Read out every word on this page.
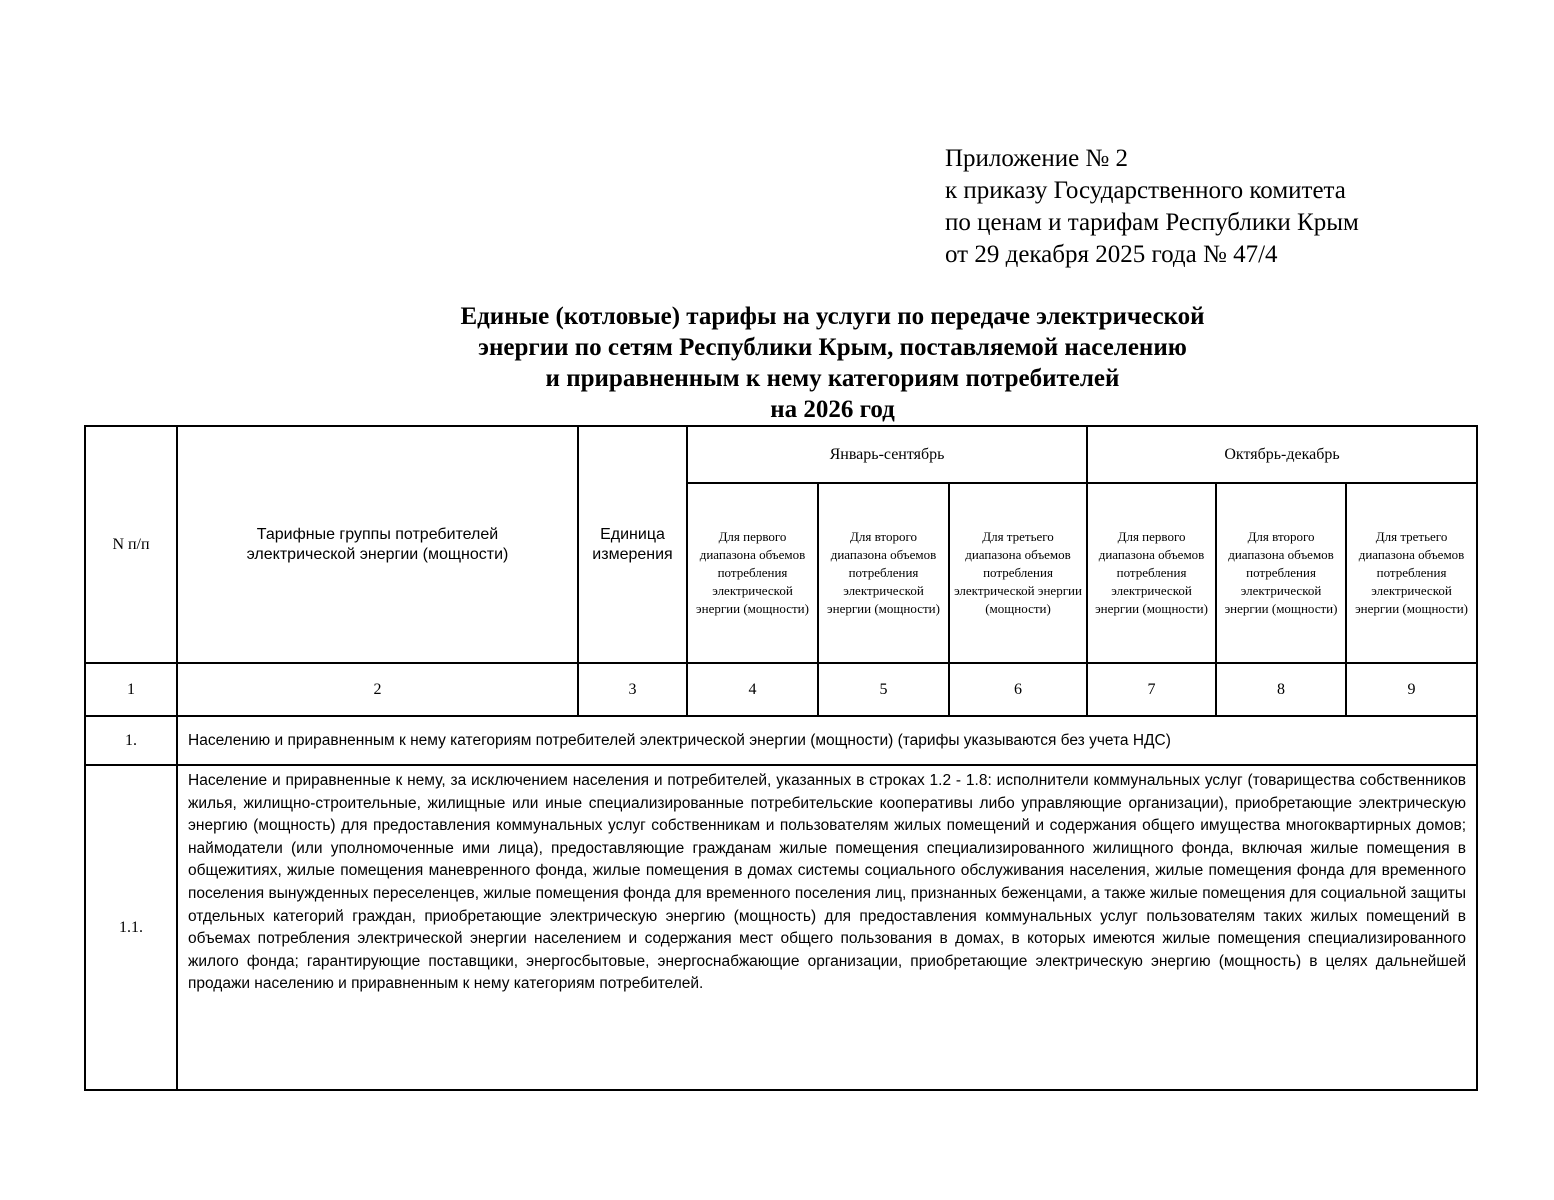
Приложение № 2
к приказу Государственного комитета
по ценам и тарифам Республики Крым
от 29 декабря 2025 года № 47/4
Единые (котловые) тарифы на услуги по передаче электрической
энергии по сетям Республики Крым, поставляемой населению
и приравненным к нему категориям потребителей
на 2026 год
N п/п	Тарифные группы потребителей электрической энергии (мощности)	Единица измерения	Январь-сентябрь			Октябрь-декабрь		
			Для первого диапазона объемов потребления электрической энергии (мощности)	Для второго диапазона объемов потребления электрической энергии (мощности)	Для третьего диапазона объемов потребления электрической энергии (мощности)	Для первого диапазона объемов потребления электрической энергии (мощности)	Для второго диапазона объемов потребления электрической энергии (мощности)	Для третьего диапазона объемов потребления электрической энергии (мощности)
1	2	3	4	5	6	7	8	9
1.	Населению и приравненным к нему категориям потребителей электрической энергии (мощности) (тарифы указываются без учета НДС)							
1.1.	Население и приравненные к нему, за исключением населения и потребителей, указанных в строках 1.2 - 1.8: исполнители коммунальных услуг (товарищества собственников жилья, жилищно-строительные, жилищные или иные специализированные потребительские кооперативы либо управляющие организации), приобретающие электрическую энергию (мощность) для предоставления коммунальных услуг собственникам и пользователям жилых помещений и содержания общего имущества многоквартирных домов; наймодатели (или уполномоченные ими лица), предоставляющие гражданам жилые помещения специализированного жилищного фонда, включая жилые помещения в общежитиях, жилые помещения маневренного фонда, жилые помещения в домах системы социального обслуживания населения, жилые помещения фонда для временного поселения вынужденных переселенцев, жилые помещения фонда для временного поселения лиц, признанных беженцами, а также жилые помещения для социальной защиты отдельных категорий граждан, приобретающие электрическую энергию (мощность) для предоставления коммунальных услуг пользователям таких жилых помещений в объемах потребления электрической энергии населением и содержания мест общего пользования в домах, в которых имеются жилые помещения специализированного жилого фонда; гарантирующие поставщики, энергосбытовые, энергоснабжающие организации, приобретающие электрическую энергию (мощность) в целях дальнейшей продажи населению и приравненным к нему категориям потребителей.							
